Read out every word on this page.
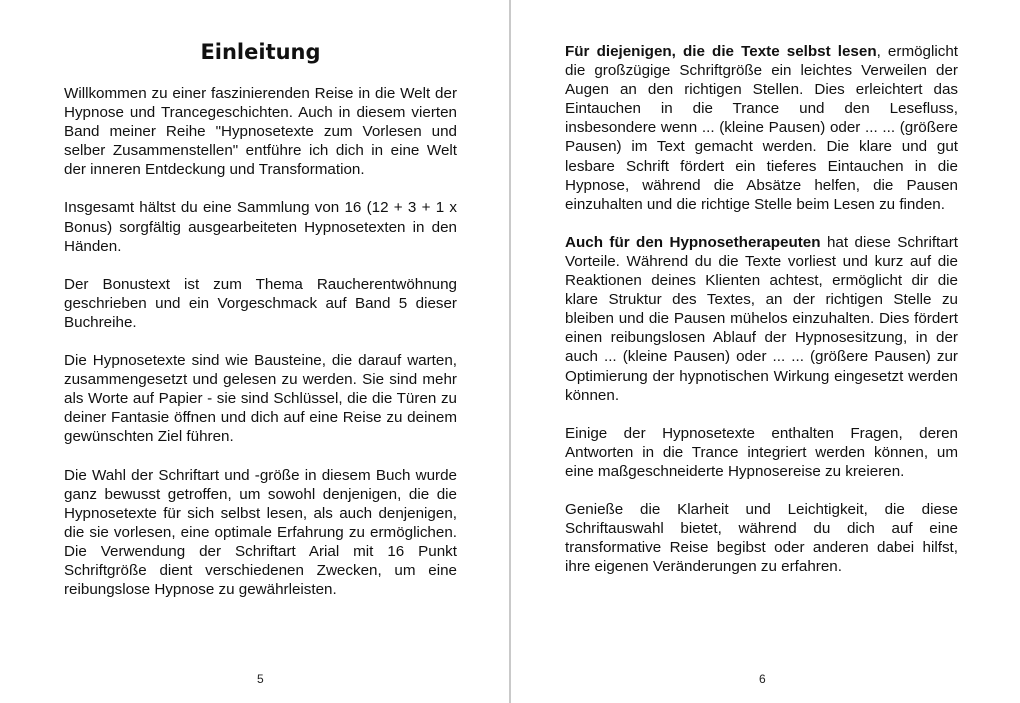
Einleitung

Willkommen zu einer faszinierenden Reise in die Welt der Hypnose und Trancegeschichten. Auch in diesem vierten Band meiner Reihe "Hypnosetexte zum Vorlesen und selber Zusammenstellen" entführe ich dich in eine Welt der inneren Entdeckung und Transformation.

Insgesamt hältst du eine Sammlung von 16 (12 + 3 + 1 x Bonus) sorgfältig ausgearbeiteten Hypnosetexten in den Händen.

Der Bonustext ist zum Thema Raucherentwöhnung geschrieben und ein Vorgeschmack auf Band 5 dieser Buchreihe.

Die Hypnosetexte sind wie Bausteine, die darauf warten, zusammengesetzt und gelesen zu werden. Sie sind mehr als Worte auf Papier - sie sind Schlüssel, die die Türen zu deiner Fantasie öffnen und dich auf eine Reise zu deinem gewünschten Ziel führen.

Die Wahl der Schriftart und -größe in diesem Buch wurde ganz bewusst getroffen, um sowohl denjenigen, die die Hypnosetexte für sich selbst lesen, als auch denjenigen, die sie vorlesen, eine optimale Erfahrung zu ermöglichen. Die Verwendung der Schriftart Arial mit 16 Punkt Schriftgröße dient verschiedenen Zwecken, um eine reibungslose Hypnose zu gewährleisten.

5

Für diejenigen, die die Texte selbst lesen, ermöglicht die großzügige Schriftgröße ein leichtes Verweilen der Augen an den richtigen Stellen. Dies erleichtert das Eintauchen in die Trance und den Lesefluss, insbesondere wenn ... (kleine Pausen) oder ... ... (größere Pausen) im Text gemacht werden. Die klare und gut lesbare Schrift fördert ein tieferes Eintauchen in die Hypnose, während die Absätze helfen, die Pausen einzuhalten und die richtige Stelle beim Lesen zu finden.

Auch für den Hypnosetherapeuten hat diese Schriftart Vorteile. Während du die Texte vorliest und kurz auf die Reaktionen deines Klienten achtest, ermöglicht dir die klare Struktur des Textes, an der richtigen Stelle zu bleiben und die Pausen mühelos einzuhalten. Dies fördert einen reibungslosen Ablauf der Hypnosesitzung, in der auch ... (kleine Pausen) oder ... ... (größere Pausen) zur Optimierung der hypnotischen Wirkung eingesetzt werden können.

Einige der Hypnosetexte enthalten Fragen, deren Antworten in die Trance integriert werden können, um eine maßgeschneiderte Hypnosereise zu kreieren.

Genieße die Klarheit und Leichtigkeit, die diese Schriftauswahl bietet, während du dich auf eine transformative Reise begibst oder anderen dabei hilfst, ihre eigenen Veränderungen zu erfahren.

6
